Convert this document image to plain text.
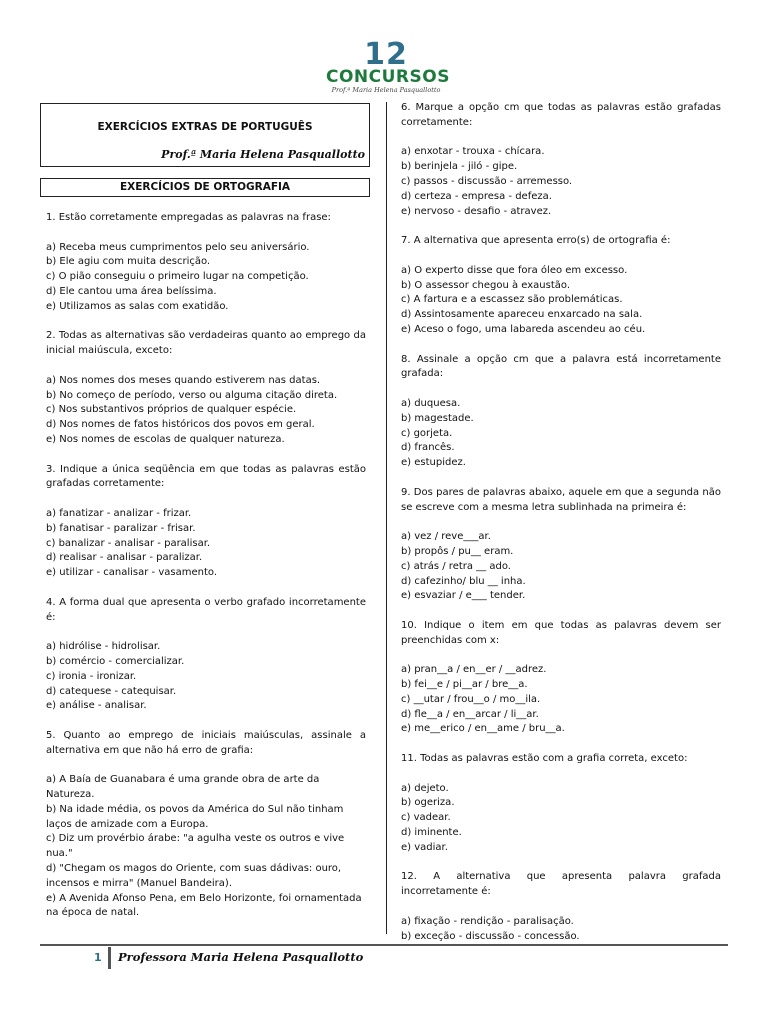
12
CONCURSOS
Prof.ª Maria Helena Pasquallotto
EXERCÍCIOS EXTRAS DE PORTUGUÊS
Prof.ª Maria Helena Pasquallotto
EXERCÍCIOS DE ORTOGRAFIA
1. Estão corretamente empregadas as palavras na frase:
a) Receba meus cumprimentos pelo seu aniversário.
b) Ele agiu com muita descrição.
c) O pião conseguiu o primeiro lugar na competição.
d) Ele cantou uma área belíssima.
e) Utilizamos as salas com exatidão.
2. Todas as alternativas são verdadeiras quanto ao emprego da inicial maiúscula, exceto:
a) Nos nomes dos meses quando estiverem nas datas.
b) No começo de período, verso ou alguma citação direta.
c) Nos substantivos próprios de qualquer espécie.
d) Nos nomes de fatos históricos dos povos em geral.
e) Nos nomes de escolas de qualquer natureza.
3. Indique a única seqüência em que todas as palavras estão grafadas corretamente:
a) fanatizar - analizar - frizar.
b) fanatisar - paralizar - frisar.
c) banalizar - analisar - paralisar.
d) realisar - analisar - paralizar.
e) utilizar - canalisar - vasamento.
4. A forma dual que apresenta o verbo grafado incorretamente é:
a) hidrólise - hidrolisar.
b) comércio - comercializar.
c) ironia - ironizar.
d) catequese - catequisar.
e) análise - analisar.
5. Quanto ao emprego de iniciais maiúsculas, assinale a alternativa em que não há erro de grafia:
a) A Baía de Guanabara é uma grande obra de arte da Natureza.
b) Na idade média, os povos da América do Sul não tinham laços de amizade com a Europa.
c) Diz um provérbio árabe: "a agulha veste os outros e vive nua."
d) "Chegam os magos do Oriente, com suas dádivas: ouro, incensos e mirra" (Manuel Bandeira).
e) A Avenida Afonso Pena, em Belo Horizonte, foi ornamentada na época de natal.
6. Marque a opção cm que todas as palavras estão grafadas corretamente:
a) enxotar - trouxa - chícara.
b) berinjela - jiló - gipe.
c) passos - discussão - arremesso.
d) certeza - empresa - defeza.
e) nervoso - desafio - atravez.
7. A alternativa que apresenta erro(s) de ortografia é:
a) O experto disse que fora óleo em excesso.
b) O assessor chegou à exaustão.
c) A fartura e a escassez são problemáticas.
d) Assintosamente apareceu enxarcado na sala.
e) Aceso o fogo, uma labareda ascendeu ao céu.
8. Assinale a opção cm que a palavra está incorretamente grafada:
a) duquesa.
b) magestade.
c) gorjeta.
d) francês.
e) estupidez.
9. Dos pares de palavras abaixo, aquele em que a segunda não se escreve com a mesma letra sublinhada na primeira é:
a) vez / reve___ar.
b) propôs / pu__ eram.
c) atrás / retra __ ado.
d) cafezinho/ blu __ inha.
e) esvaziar / e___ tender.
10. Indique o item em que todas as palavras devem ser preenchidas com x:
a) pran__a / en__er / __adrez.
b) fei__e / pi__ar / bre__a.
c) __utar / frou__o / mo__ila.
d) fle__a / en__arcar / li__ar.
e) me__erico / en__ame / bru__a.
11. Todas as palavras estão com a grafia correta, exceto:
a) dejeto.
b) ogeriza.
c) vadear.
d) iminente.
e) vadiar.
12. A alternativa que apresenta palavra grafada incorretamente é:
a) fixação - rendição - paralisação.
b) exceção - discussão - concessão.
1 Professora Maria Helena Pasquallotto
